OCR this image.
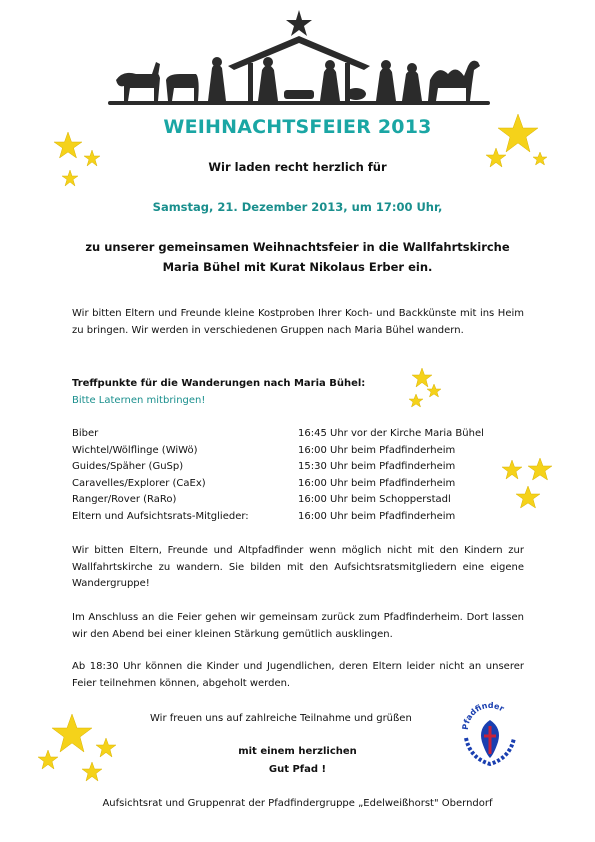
WEIHNACHTSFEIER 2013
Wir laden recht herzlich für
Samstag, 21. Dezember 2013, um 17:00 Uhr,
zu unserer gemeinsamen Weihnachtsfeier in die Wallfahrtskirche
Maria Bühel mit Kurat Nikolaus Erber ein.
Wir bitten Eltern und Freunde kleine Kostproben Ihrer Koch- und Backkünste mit ins Heim zu bringen. Wir werden in verschiedenen Gruppen nach Maria Bühel wandern.
Treffpunkte für die Wanderungen nach Maria Bühel:
Bitte Laternen mitbringen!
Biber	16:45 Uhr vor der Kirche Maria Bühel
Wichtel/Wölflinge (WiWö)	16:00 Uhr beim Pfadfinderheim
Guides/Späher (GuSp)	15:30 Uhr beim Pfadfinderheim
Caravelles/Explorer (CaEx)	16:00 Uhr beim Pfadfinderheim
Ranger/Rover (RaRo)	16:00 Uhr beim Schopperstadl
Eltern und Aufsichtsrats-Mitglieder:	16:00 Uhr beim Pfadfinderheim
Wir bitten Eltern, Freunde und Altpfadfinder wenn möglich nicht mit den Kindern zur Wallfahrtskirche zu wandern. Sie bilden mit den Aufsichtsratsmitgliedern eine eigene Wandergruppe!
Im Anschluss an die Feier gehen wir gemeinsam zurück zum Pfadfinderheim. Dort lassen wir den Abend bei einer kleinen Stärkung gemütlich ausklingen.
Ab 18:30 Uhr können die Kinder und Jugendlichen, deren Eltern leider nicht an unserer Feier teilnehmen können, abgeholt werden.
Wir freuen uns auf zahlreiche Teilnahme und grüßen
mit einem herzlichen
Gut Pfad !
Aufsichtsrat und Gruppenrat der Pfadfindergruppe „Edelweißhorst" Oberndorf
Pfadfinder
